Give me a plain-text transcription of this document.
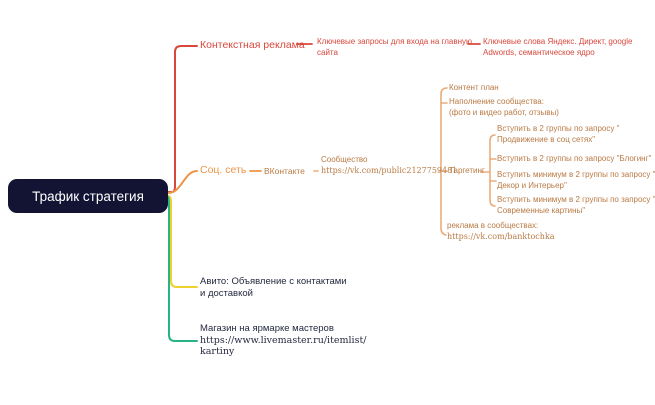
Трафик стратегия
Контекстная реклама Ключевые запросы для входа на главную сайта
Ключевые слова Яндекс. Директ, google Adwords, семантическое ядро
Соц. сеть ВКонтакте
Сообщество
https://vk.com/public2127759481
Контент план
Наполнение сообщества:
(фото и видео работ, отзывы)
Таргетинг
Вступить в 2 группы по запросу "
Продвижение в соц сетях"
Вступить в 2 группы по запросу "Блогинг"
Вступить минимум в 2 группы по запросу "
Декор и Интерьер"
Вступить минимум в 2 группы по запросу "
Современные картины"
реклама в сообществах:
https://vk.com/banktochka
Авито: Объявление с контактами
и доставкой
Магазин на ярмарке мастеров
https://www.livemaster.ru/itemlist/
kartiny
